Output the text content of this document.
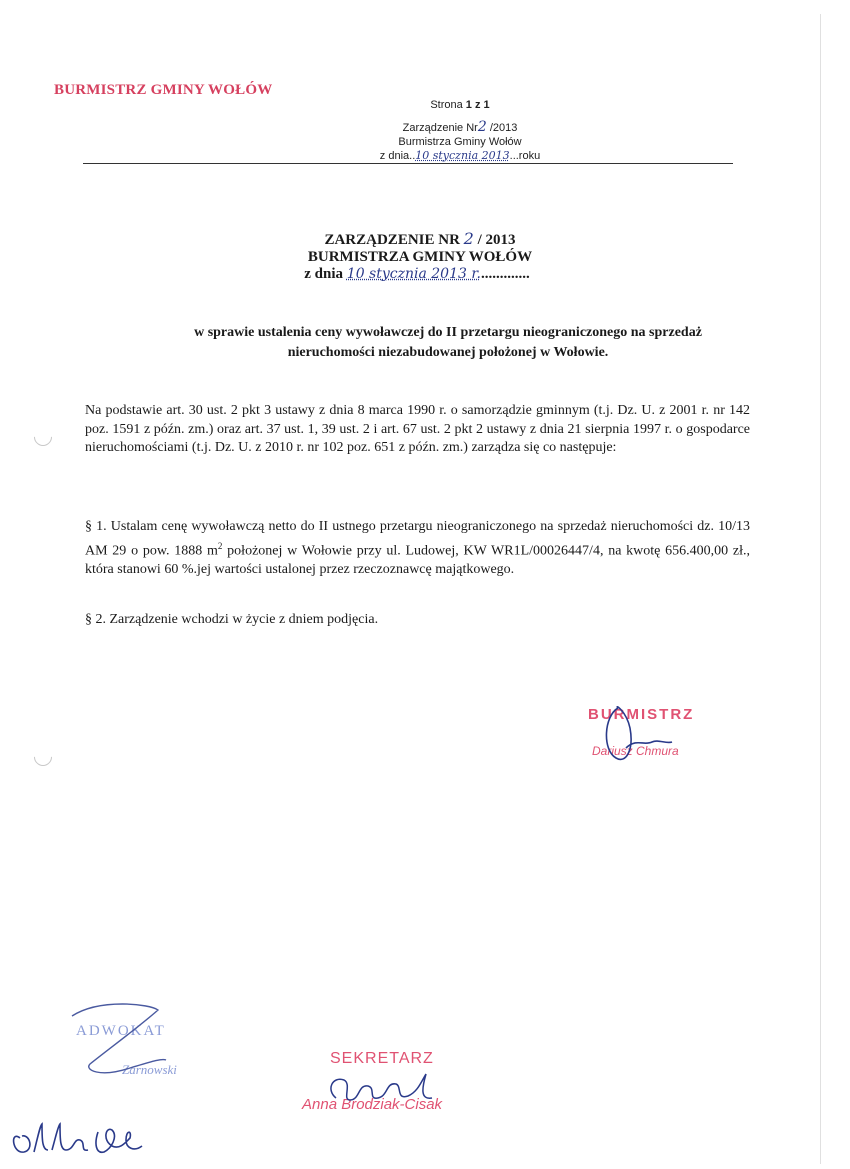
BURMISTRZ GMINY WOŁÓW
Strona 1 z 1
Zarządzenie Nr2 /2013
Burmistrza Gminy Wołów
z dnia..10 stycznia 2013...roku
ZARZĄDZENIE NR 2 / 2013
BURMISTRZA GMINY WOŁÓW
z dnia 10 stycznia 2013 r..............
w sprawie ustalenia ceny wywoławczej do II przetargu nieograniczonego na sprzedaż
nieruchomości niezabudowanej położonej w Wołowie.
Na podstawie art. 30 ust. 2 pkt 3 ustawy z dnia 8 marca 1990 r. o samorządzie gminnym (t.j. Dz. U. z 2001 r. nr 142 poz. 1591 z późn. zm.) oraz art. 37 ust. 1, 39 ust. 2 i art. 67 ust. 2 pkt 2 ustawy z dnia 21 sierpnia 1997 r. o gospodarce nieruchomościami (t.j. Dz. U. z 2010 r. nr 102 poz. 651 z późn. zm.) zarządza się co następuje:
§ 1. Ustalam cenę wywoławczą netto do II ustnego przetargu nieograniczonego na sprzedaż nieruchomości dz. 10/13 AM 29 o pow. 1888 $m^2$ położonej w Wołowie przy ul. Ludowej, KW WR1L/00026447/4, na kwotę 656.400,00 zł., która stanowi 60 %.jej wartości ustalonej przez rzeczoznawcę majątkowego.
§ 2. Zarządzenie wchodzi w życie z dniem podjęcia.
BURMISTRZ
Dariusz Chmura
ADWOKAT
Zarnowski
SEKRETARZ
Anna Brodziak-Cisak
